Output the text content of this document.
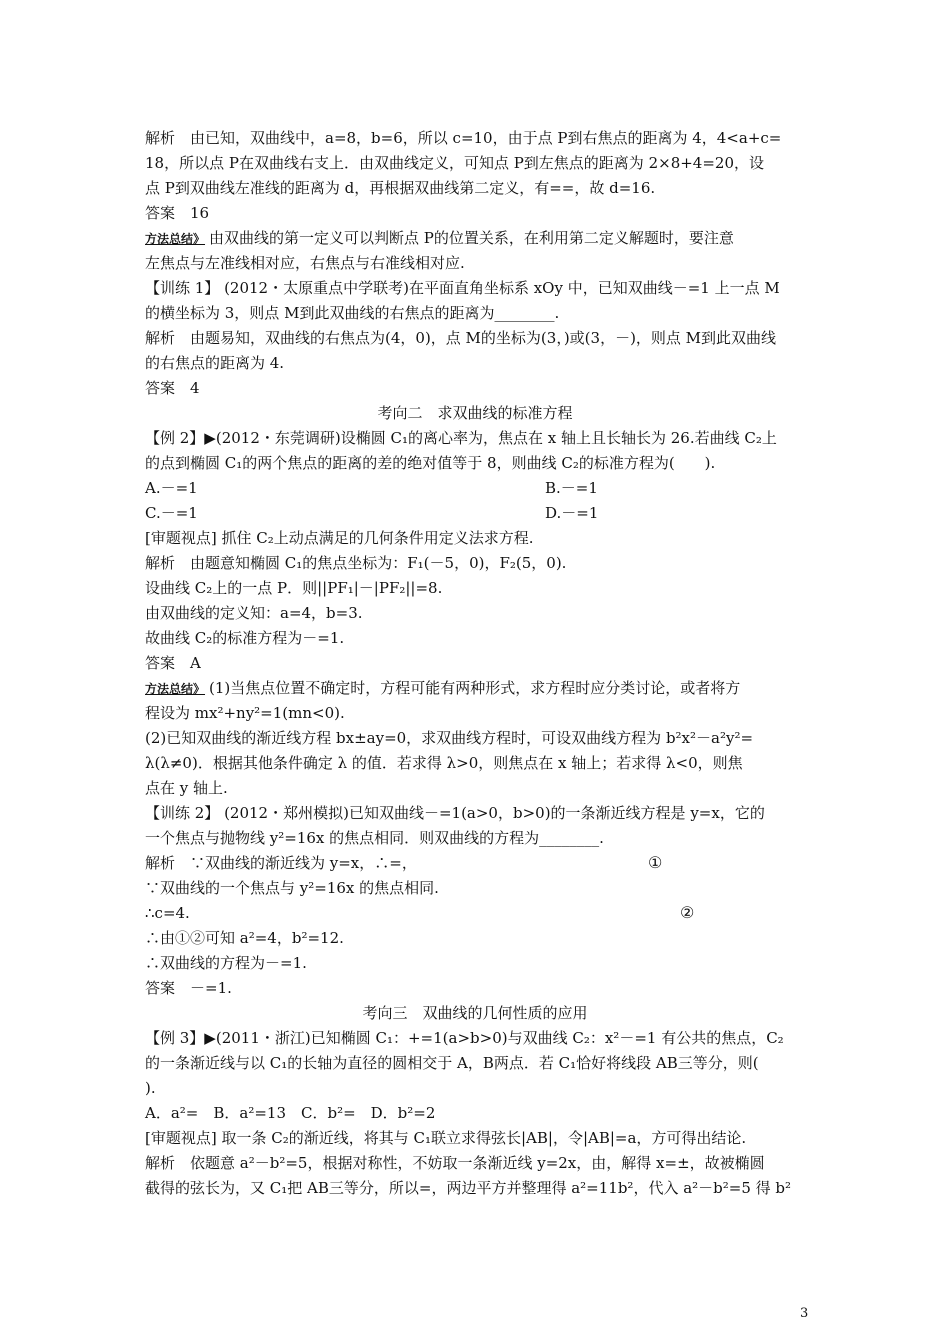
解析　由已知，双曲线中，a=8，b=6，所以 c=10，由于点 P到右焦点的距离为 4，4<a+c=
18，所以点 P在双曲线右支上．由双曲线定义，可知点 P到左焦点的距离为 2×8+4=20，设
点 P到双曲线左准线的距离为 d，再根据双曲线第二定义，有==，故 d=16.
答案　16
方法总结》 由双曲线的第一定义可以判断点 P的位置关系，在利用第二定义解题时，要注意
左焦点与左准线相对应，右焦点与右准线相对应.
【训练 1】 (2012・太原重点中学联考)在平面直角坐标系 xOy 中，已知双曲线－=1 上一点 M
的横坐标为 3，则点 M到此双曲线的右焦点的距离为________.
解析　由题易知，双曲线的右焦点为(4，0)，点 M的坐标为(3，)或(3，－)，则点 M到此双曲线
的右焦点的距离为 4.
答案　4
考向二　求双曲线的标准方程
【例 2】▶(2012・东莞调研)设椭圆 C₁的离心率为，焦点在 x 轴上且长轴长为 26.若曲线 C₂上
的点到椭圆 C₁的两个焦点的距离的差的绝对值等于 8，则曲线 C₂的标准方程为(　　).
A.－=1	B.－=1
C.－=1	D.－=1
[审题视点] 抓住 C₂上动点满足的几何条件用定义法求方程.
解析　由题意知椭圆 C₁的焦点坐标为：F₁(－5，0)，F₂(5，0).
设曲线 C₂上的一点 P．则||PF₁|－|PF₂||=8.
由双曲线的定义知：a=4，b=3.
故曲线 C₂的标准方程为－=1.
答案　A
方法总结》 (1)当焦点位置不确定时，方程可能有两种形式，求方程时应分类讨论，或者将方
程设为 mx²+ny²=1(mn<0).
(2)已知双曲线的渐近线方程 bx±ay=0，求双曲线方程时，可设双曲线方程为 b²x²－a²y²=
λ(λ≠0)．根据其他条件确定 λ 的值．若求得 λ>0，则焦点在 x 轴上；若求得 λ<0，则焦
点在 y 轴上.
【训练 2】 (2012・郑州模拟)已知双曲线－=1(a>0，b>0)的一条渐近线方程是 y=x，它的
一个焦点与抛物线 y²=16x 的焦点相同．则双曲线的方程为________.
解析　∵双曲线的渐近线为 y=x，∴=，	①
∵双曲线的一个焦点与 y²=16x 的焦点相同.
∴c=4.	②
∴由①②可知 a²=4，b²=12.
∴双曲线的方程为－=1.
答案　－=1.
考向三　双曲线的几何性质的应用
【例 3】▶(2011・浙江)已知椭圆 C₁：+=1(a>b>0)与双曲线 C₂：x²－=1 有公共的焦点，C₂
的一条渐近线与以 C₁的长轴为直径的圆相交于 A，B两点．若 C₁恰好将线段 AB三等分，则(
).
A．a²=　B．a²=13　C．b²=　D．b²=2
[审题视点] 取一条 C₂的渐近线，将其与 C₁联立求得弦长|AB|，令|AB|=a，方可得出结论.
解析　依题意 a²－b²=5，根据对称性，不妨取一条渐近线 y=2x，由，解得 x=±，故被椭圆
截得的弦长为，又 C₁把 AB三等分，所以=，两边平方并整理得 a²=11b²，代入 a²－b²=5 得 b²
3
